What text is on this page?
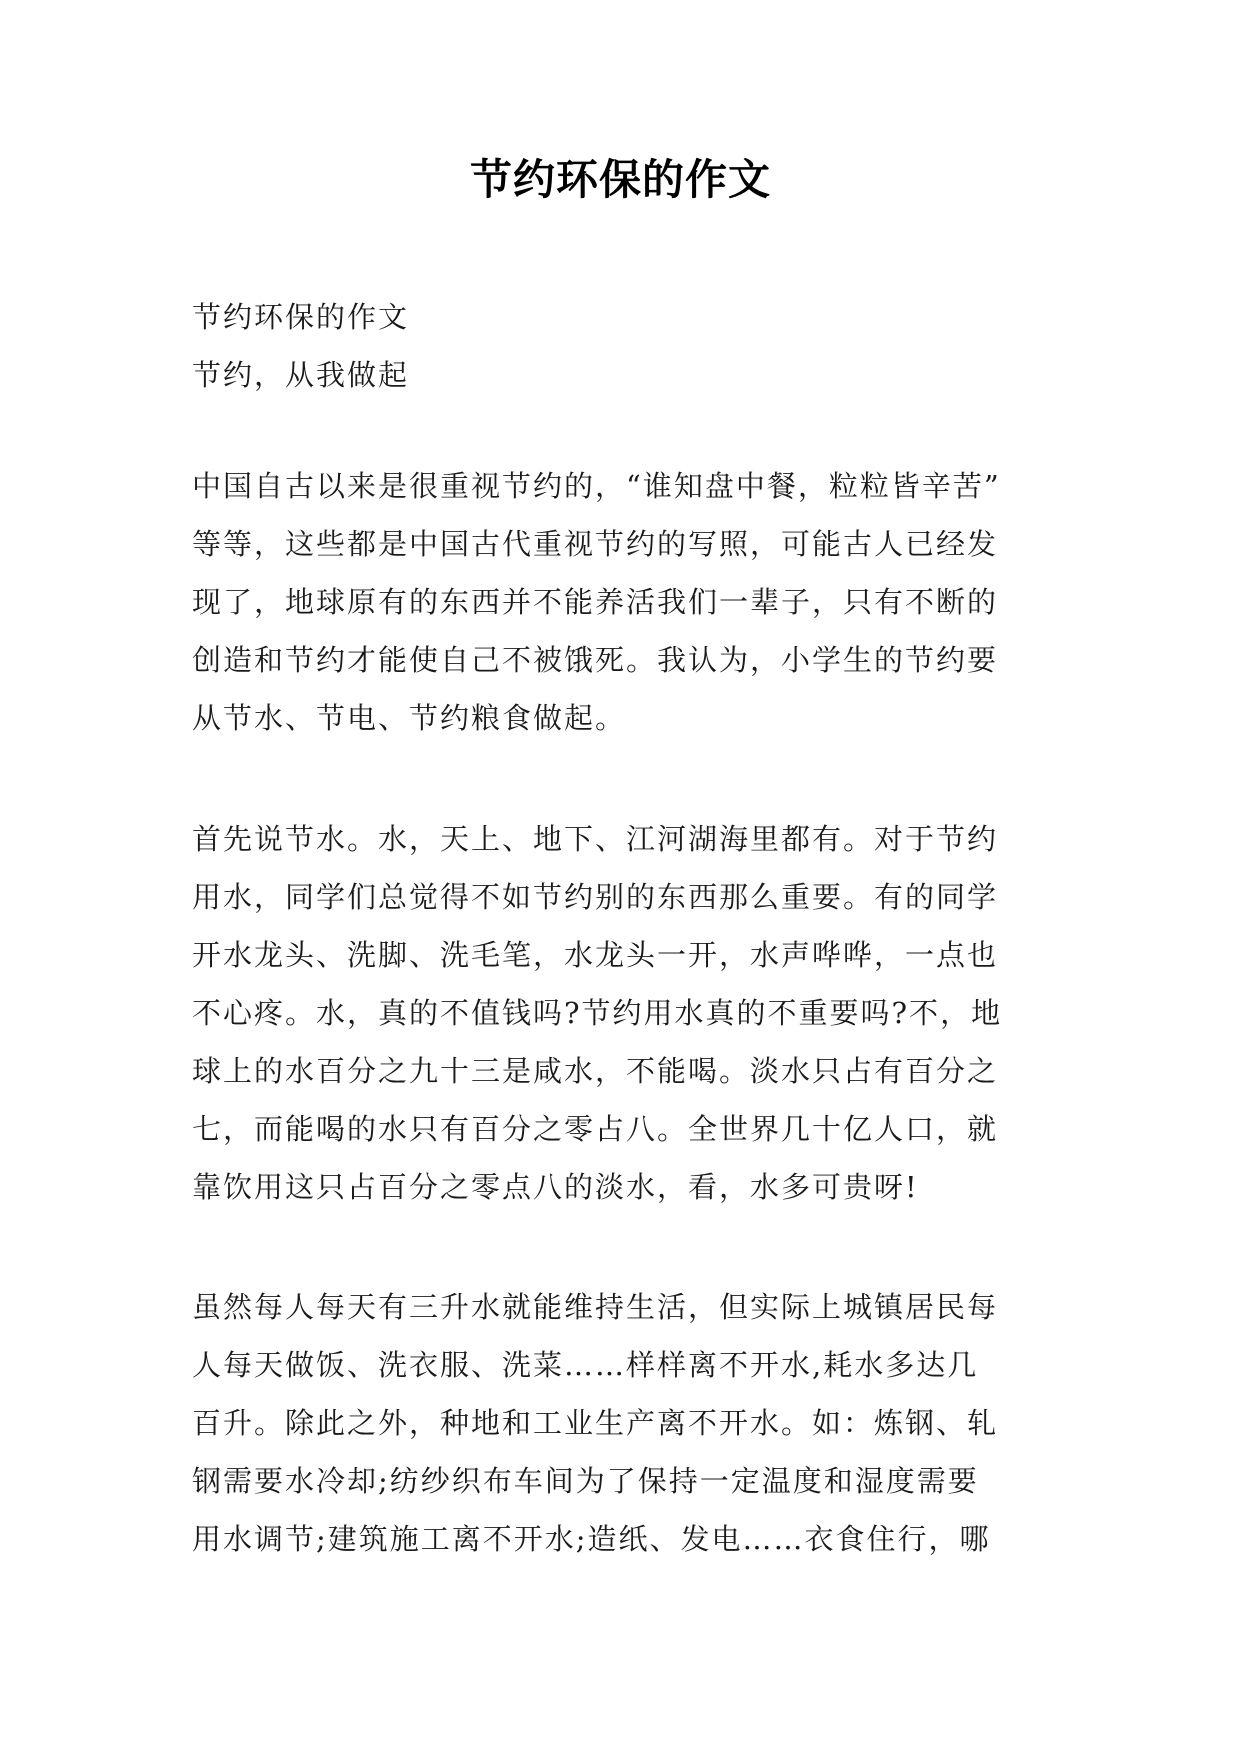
节约环保的作文
节约环保的作文
节约，从我做起
中国自古以来是很重视节约的，“谁知盘中餐，粒粒皆辛苦”
等等，这些都是中国古代重视节约的写照，可能古人已经发
现了，地球原有的东西并不能养活我们一辈子，只有不断的
创造和节约才能使自己不被饿死。我认为，小学生的节约要
从节水、节电、节约粮食做起。
首先说节水。水，天上、地下、江河湖海里都有。对于节约
用水，同学们总觉得不如节约别的东西那么重要。有的同学
开水龙头、洗脚、洗毛笔，水龙头一开，水声哗哗，一点也
不心疼。水，真的不值钱吗?节约用水真的不重要吗?不，地
球上的水百分之九十三是咸水，不能喝。淡水只占有百分之
七，而能喝的水只有百分之零占八。全世界几十亿人口，就
靠饮用这只占百分之零点八的淡水，看，水多可贵呀!
虽然每人每天有三升水就能维持生活，但实际上城镇居民每
人每天做饭、洗衣服、洗菜……样样离不开水,耗水多达几
百升。除此之外，种地和工业生产离不开水。如：炼钢、轧
钢需要水冷却;纺纱织布车间为了保持一定温度和湿度需要
用水调节;建筑施工离不开水;造纸、发电……衣食住行，哪
